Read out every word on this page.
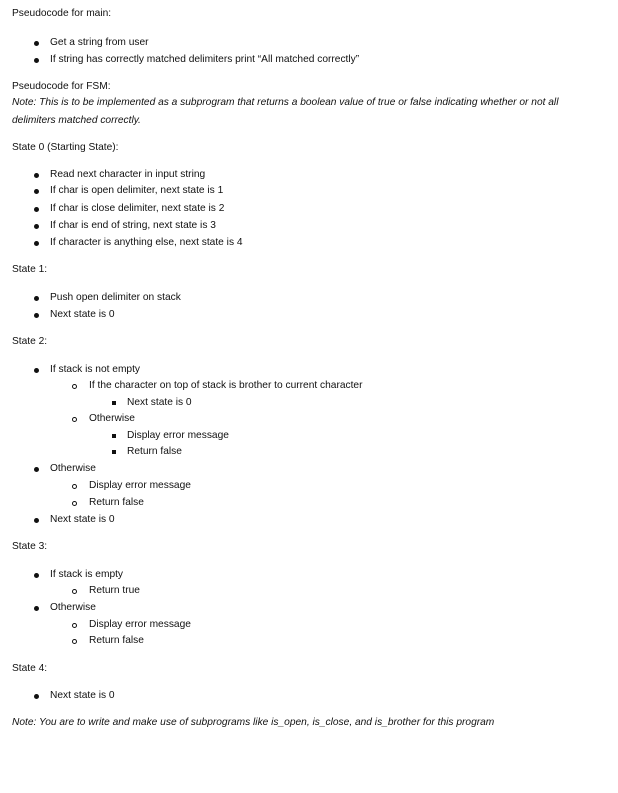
Pseudocode for main:
Get a string from user
If string has correctly matched delimiters print “All matched correctly”
Pseudocode for FSM:
Note: This is to be implemented as a subprogram that returns a boolean value of true or false indicating whether or not all
delimiters matched correctly.
State 0 (Starting State):
Read next character in input string
If char is open delimiter, next state is 1
If char is close delimiter, next state is 2
If char is end of string, next state is 3
If character is anything else, next state is 4
State 1:
Push open delimiter on stack
Next state is 0
State 2:
If stack is not empty
If the character on top of stack is brother to current character
Next state is 0
Otherwise
Display error message
Return false
Otherwise
Display error message
Return false
Next state is 0
State 3:
If stack is empty
Return true
Otherwise
Display error message
Return false
State 4:
Next state is 0
Note: You are to write and make use of subprograms like is_open, is_close, and is_brother for this program
